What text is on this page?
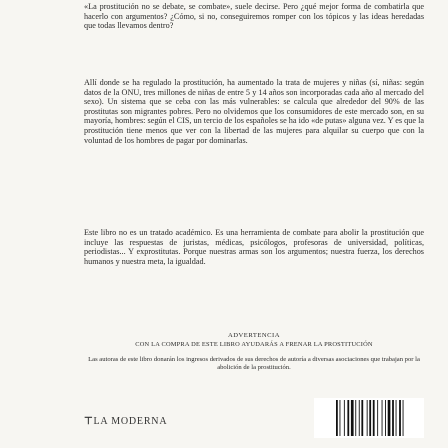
«La prostitución no se debate, se combate», suele decirse. Pero ¿qué mejor forma de combatirla que hacerlo con argumentos? ¿Cómo, si no, conseguiremos romper con los tópicos y las ideas heredadas que todas llevamos dentro?

Allí donde se ha regulado la prostitución, ha aumentado la trata de mujeres y niñas (sí, niñas: según datos de la ONU, tres millones de niñas de entre 5 y 14 años son incorporadas cada año al mercado del sexo). Un sistema que se ceba con las más vulnerables: se calcula que alrededor del 90% de las prostitutas son migrantes pobres. Pero no olvidemos que los consumidores de este mercado son, en su mayoría, hombres: según el CIS, un tercio de los españoles se ha ido «de putas» alguna vez. Y es que la prostitución tiene menos que ver con la libertad de las mujeres para alquilar su cuerpo que con la voluntad de los hombres de pagar por dominarlas.

Este libro no es un tratado académico. Es una herramienta de combate para abolir la prostitución que incluye las respuestas de juristas, médicas, psicólogos, profesoras de universidad, políticas, periodistas... Y exprostitutas. Porque nuestras armas son los argumentos; nuestra fuerza, los derechos humanos y nuestra meta, la igualdad.

ADVERTENCIA
CON LA COMPRA DE ESTE LIBRO AYUDARÁS A FRENAR LA PROSTITUCIÓN
Las autoras de este libro donarán los ingresos derivados de sus derechos de autoría a diversas asociaciones que trabajan por la abolición de la prostitución.
⊤LA MODERNA
